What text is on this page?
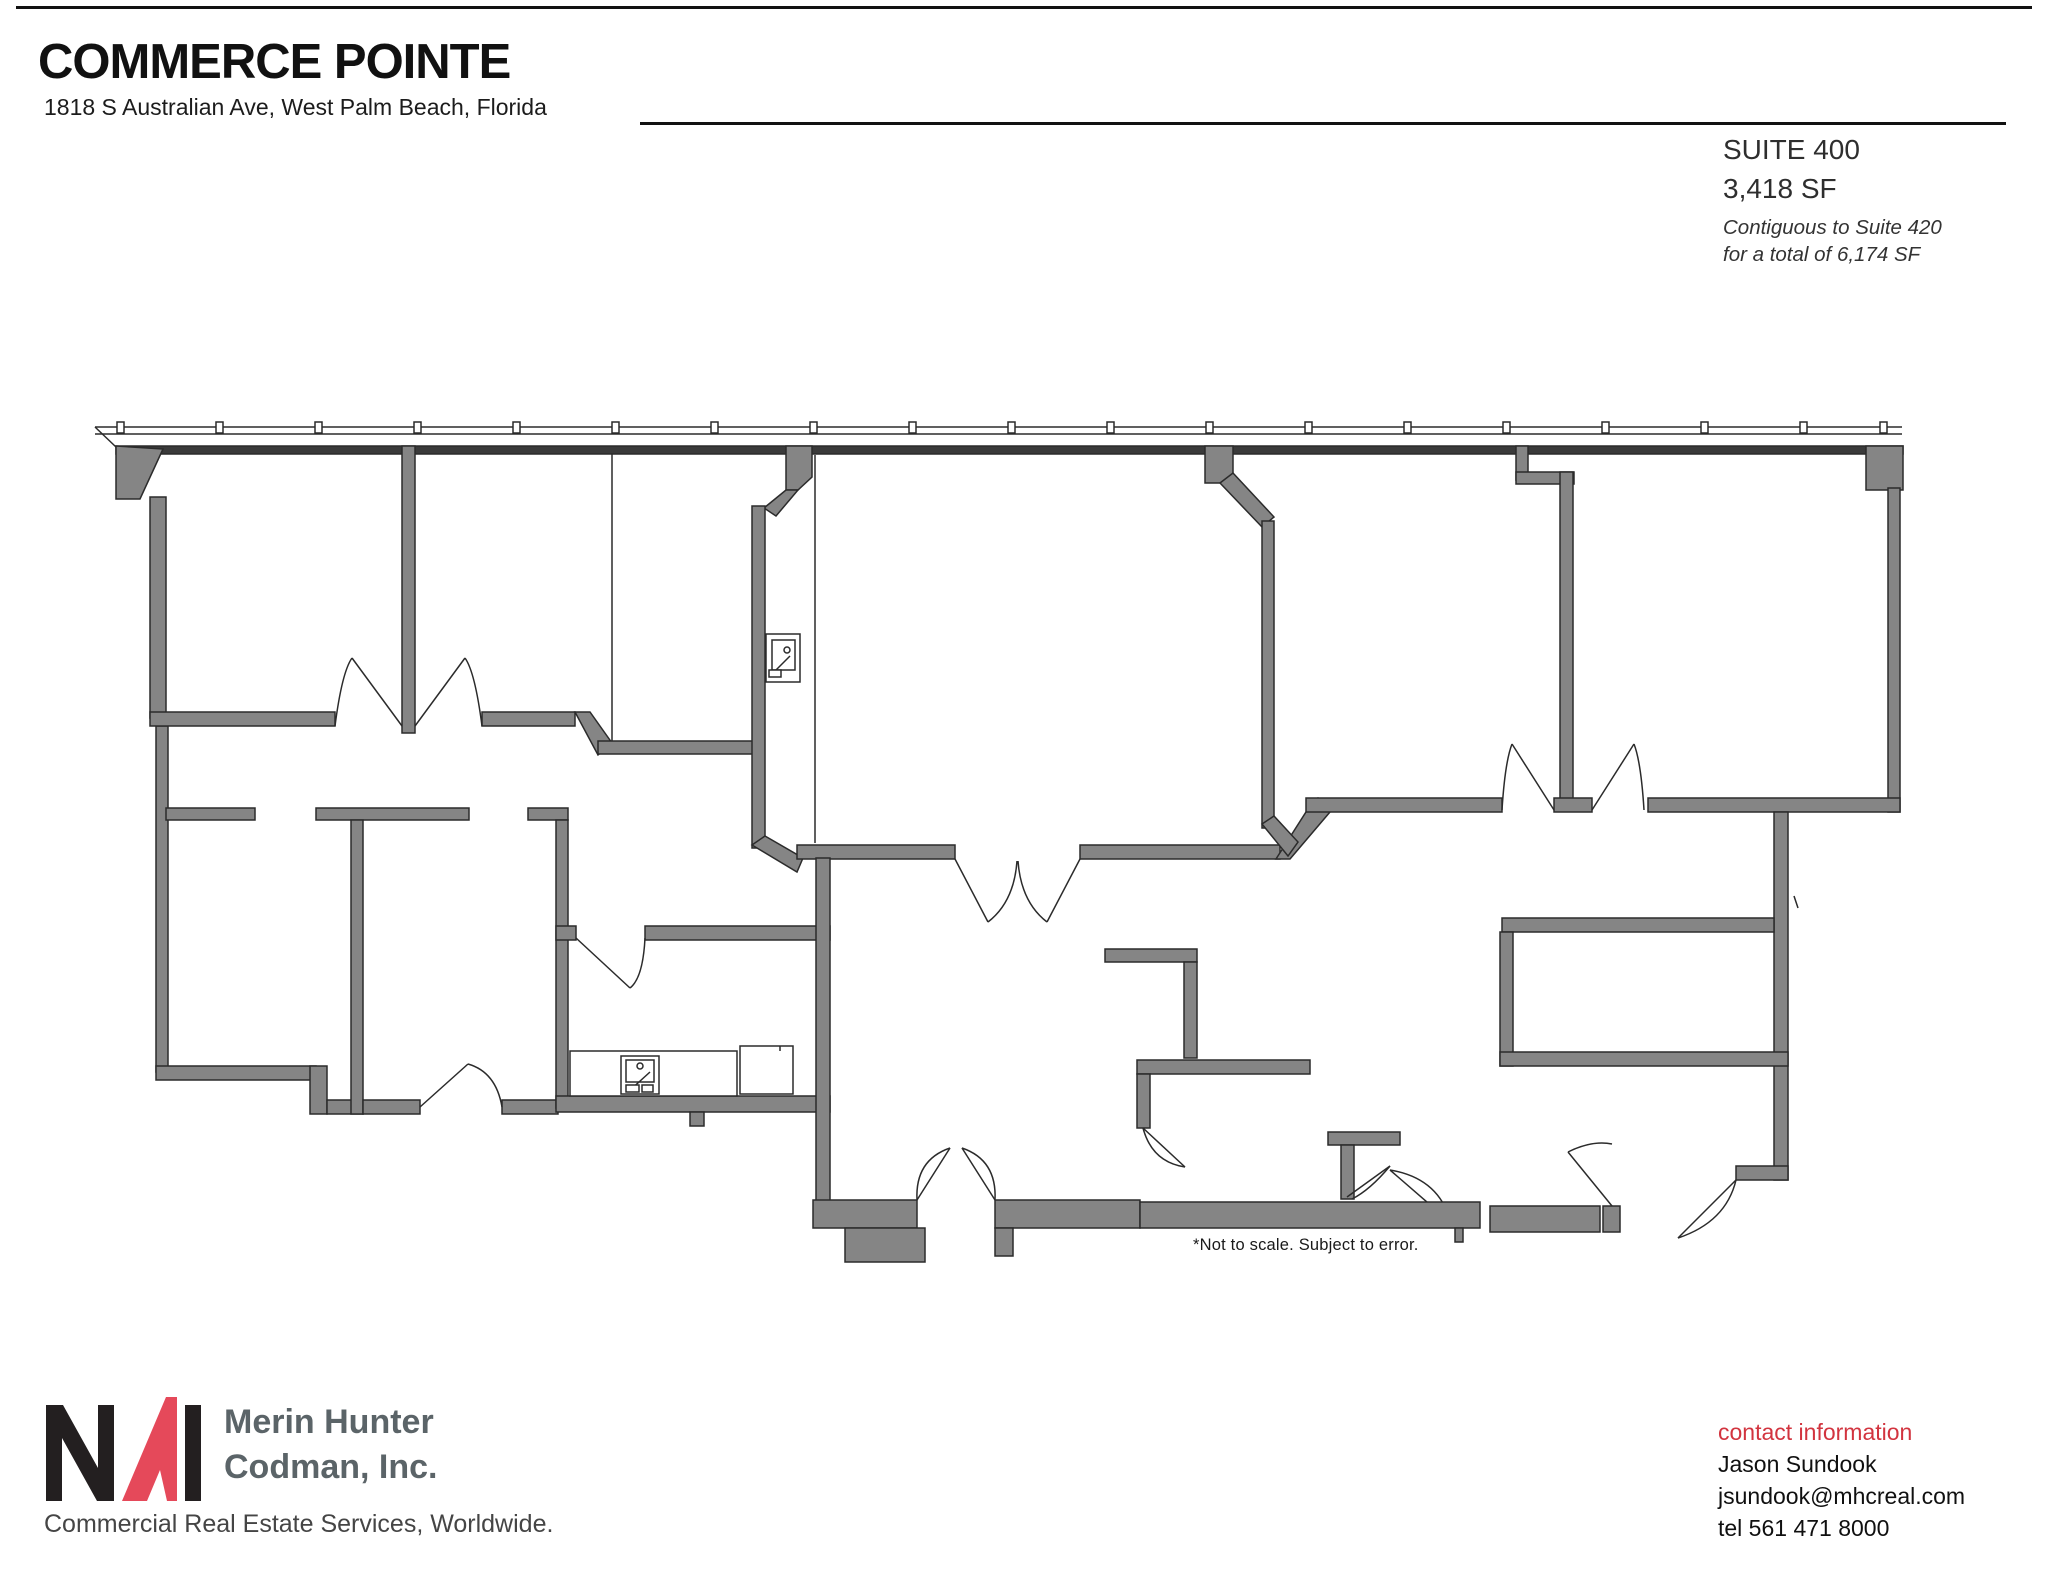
COMMERCE POINTE
1818 S Australian Ave, West Palm Beach, Florida
SUITE 400
3,418 SF
Contiguous to Suite 420
for a total of 6,174 SF
*Not to scale. Subject to error.
Merin Hunter
Codman, Inc.
Commercial Real Estate Services, Worldwide.
contact information
Jason Sundook
jsundook@mhcreal.com
tel 561 471 8000
